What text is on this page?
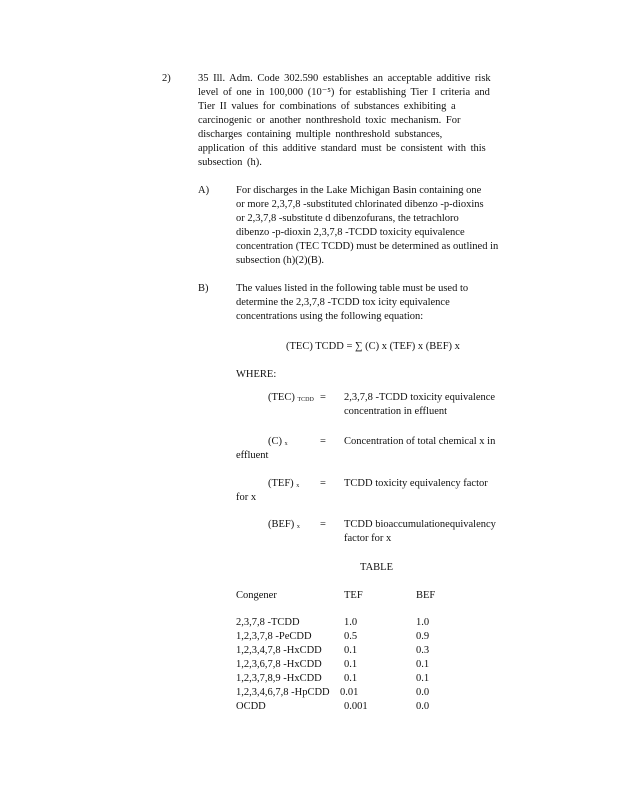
2)	35 Ill. Adm. Code 302.590 establishes an acceptable additive risk
level of one in 100,000 (10⁻⁵) for establishing Tier I criteria and
Tier II values for combinations of substances exhibiting a
carcinogenic or another nonthreshold toxic mechanism. For
discharges containing multiple nonthreshold substances,
application of this additive standard must be consistent with this
subsection (h).
A)	For discharges in the Lake Michigan Basin containing one
or more 2,3,7,8 -substituted chlorinated dibenzo -p-dioxins
or 2,3,7,8 -substitute d dibenzofurans, the tetrachloro
dibenzo -p-dioxin 2,3,7,8 -TCDD toxicity equivalence
concentration (TEC TCDD) must be determined as outlined in
subsection (h)(2)(B).
B)	The values listed in the following table must be used to
determine the 2,3,7,8 -TCDD tox icity equivalence
concentrations using the following equation:
(TEC) TCDD = ∑ (C) x (TEF) x (BEF) x
WHERE:
(TEC) $_{TCDD}$ = 2,3,7,8 -TCDD toxicity equivalence
concentration in effluent
(C) $_x$	= Concentration of total chemical x in
effluent
(TEF) $_x$ = TCDD toxicity equivalency factor
for x
(BEF) $_x$ = TCDD bioaccumulationequivalency
factor for x
TABLE
Congener	TEF	BEF
2,3,7,8 -TCDD	1.0	1.0
1,2,3,7,8 -PeCDD	0.5	0.9
1,2,3,4,7,8 -HxCDD 0.1	0.3
1,2,3,6,7,8 -HxCDD 0.1	0.1
1,2,3,7,8,9 -HxCDD 0.1	0.1
1,2,3,4,6,7,8 -HpCDD 0.01	0.0
OCDD	0.001	0.0
